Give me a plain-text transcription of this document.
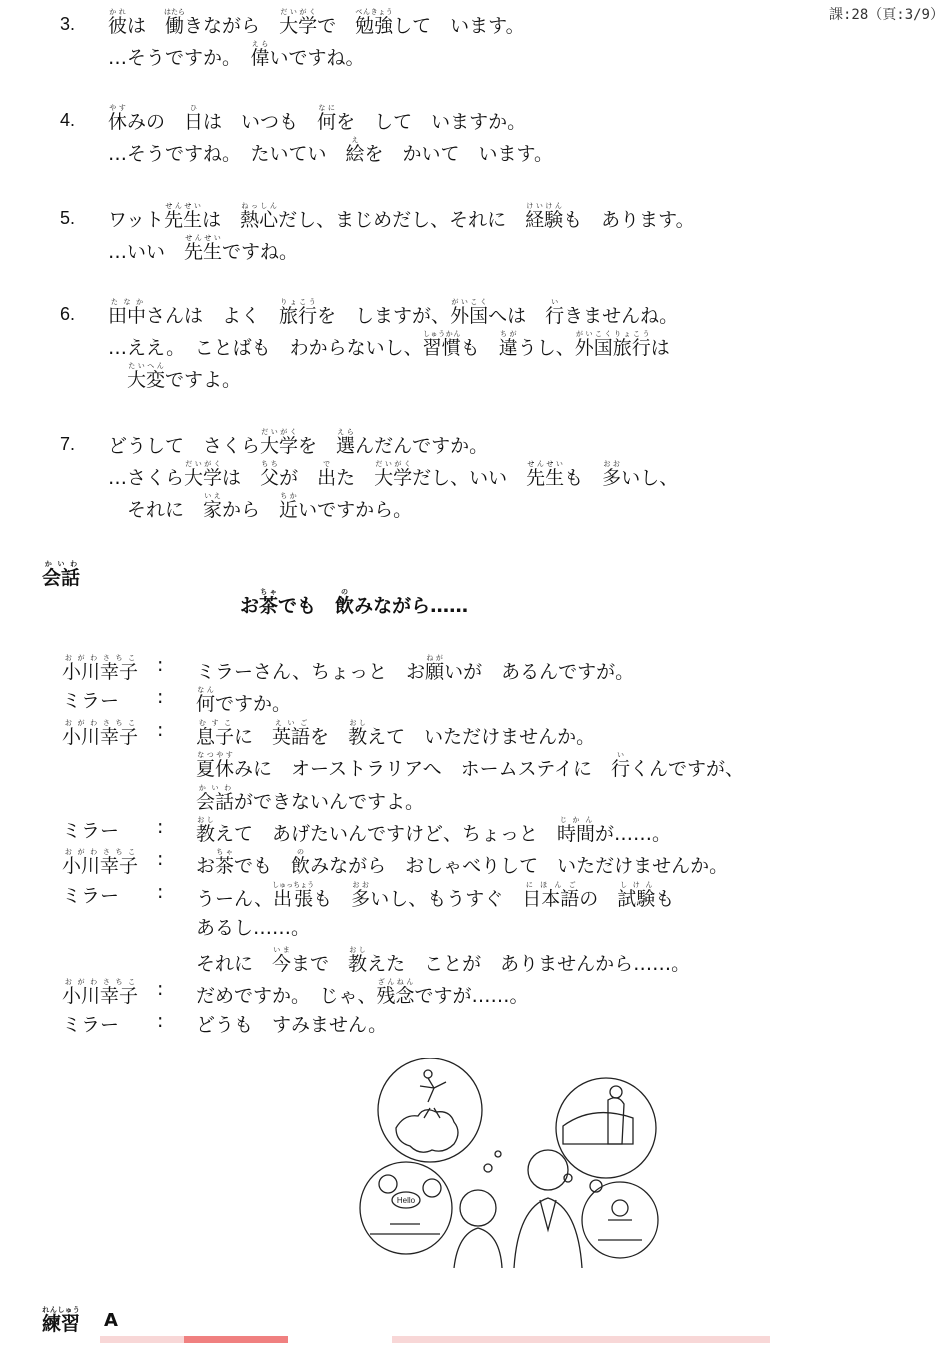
課:28（頁:3/9）
3.	彼かれは　働はたらきながら　大学だいがくで　勉強べんきょうして　います。
…そうですか。　偉えらいですね。
4.	休やすみの　日ひは　いつも　何なにを　して　いますか。
…そうですね。　たいてい　絵えを　かいて　います。
5.	ワット先生せんせいは　熱心ねっしんだし、まじめだし、それに　経験けいけんも　あります。
…いい　先生せんせいですね。
6.	田中たなかさんは　よく　旅行りょこうを　しますが、外国がいこくへは　行いきませんね。
…ええ。　ことばも　わからないし、習慣しゅうかんも　違ちがうし、外国がいこく旅行りょこうは
　大変たいへんですよ。
7.	どうして　さくら大学だいがくを　選えらんだんですか。
…さくら大学だいがくは　父ちちが　出でた　大学だいがくだし、いい　先生せんせいも　多おおいし、
　それに　家いえから　近ちかいですから。
会話かいわ
お茶ちゃでも　飲のみながら……
小川幸子おがわさちこ : ミラーさん、ちょっと　お願ねがいが　あるんですが。
ミラー	: 何なんですか。
小川幸子おがわさちこ : 息子むすこに　英語えいごを　教おしえて　いただけませんか。
夏休なつやすみに　オーストラリアへ　ホームステイに　行いくんですが、
会話かいわができないんですよ。
ミラー	: 教おしえて　あげたいんですけど、ちょっと　時間じかんが……。
小川幸子おがわさちこ : お茶ちゃでも　飲のみながら　おしゃべりして　いただけませんか。
ミラー	: うーん、出張しゅっちょうも　多おおいし、もうすぐ　日本語にほんごの　試験しけんも
あるし……。
それに　今いままで　教おしえた　ことが　ありませんから……。
小川幸子おがわさちこ : だめですか。　じゃ、残念ざんねんですが……。
ミラー	: どうも　すみません。
Hello
練習れんしゅう A
